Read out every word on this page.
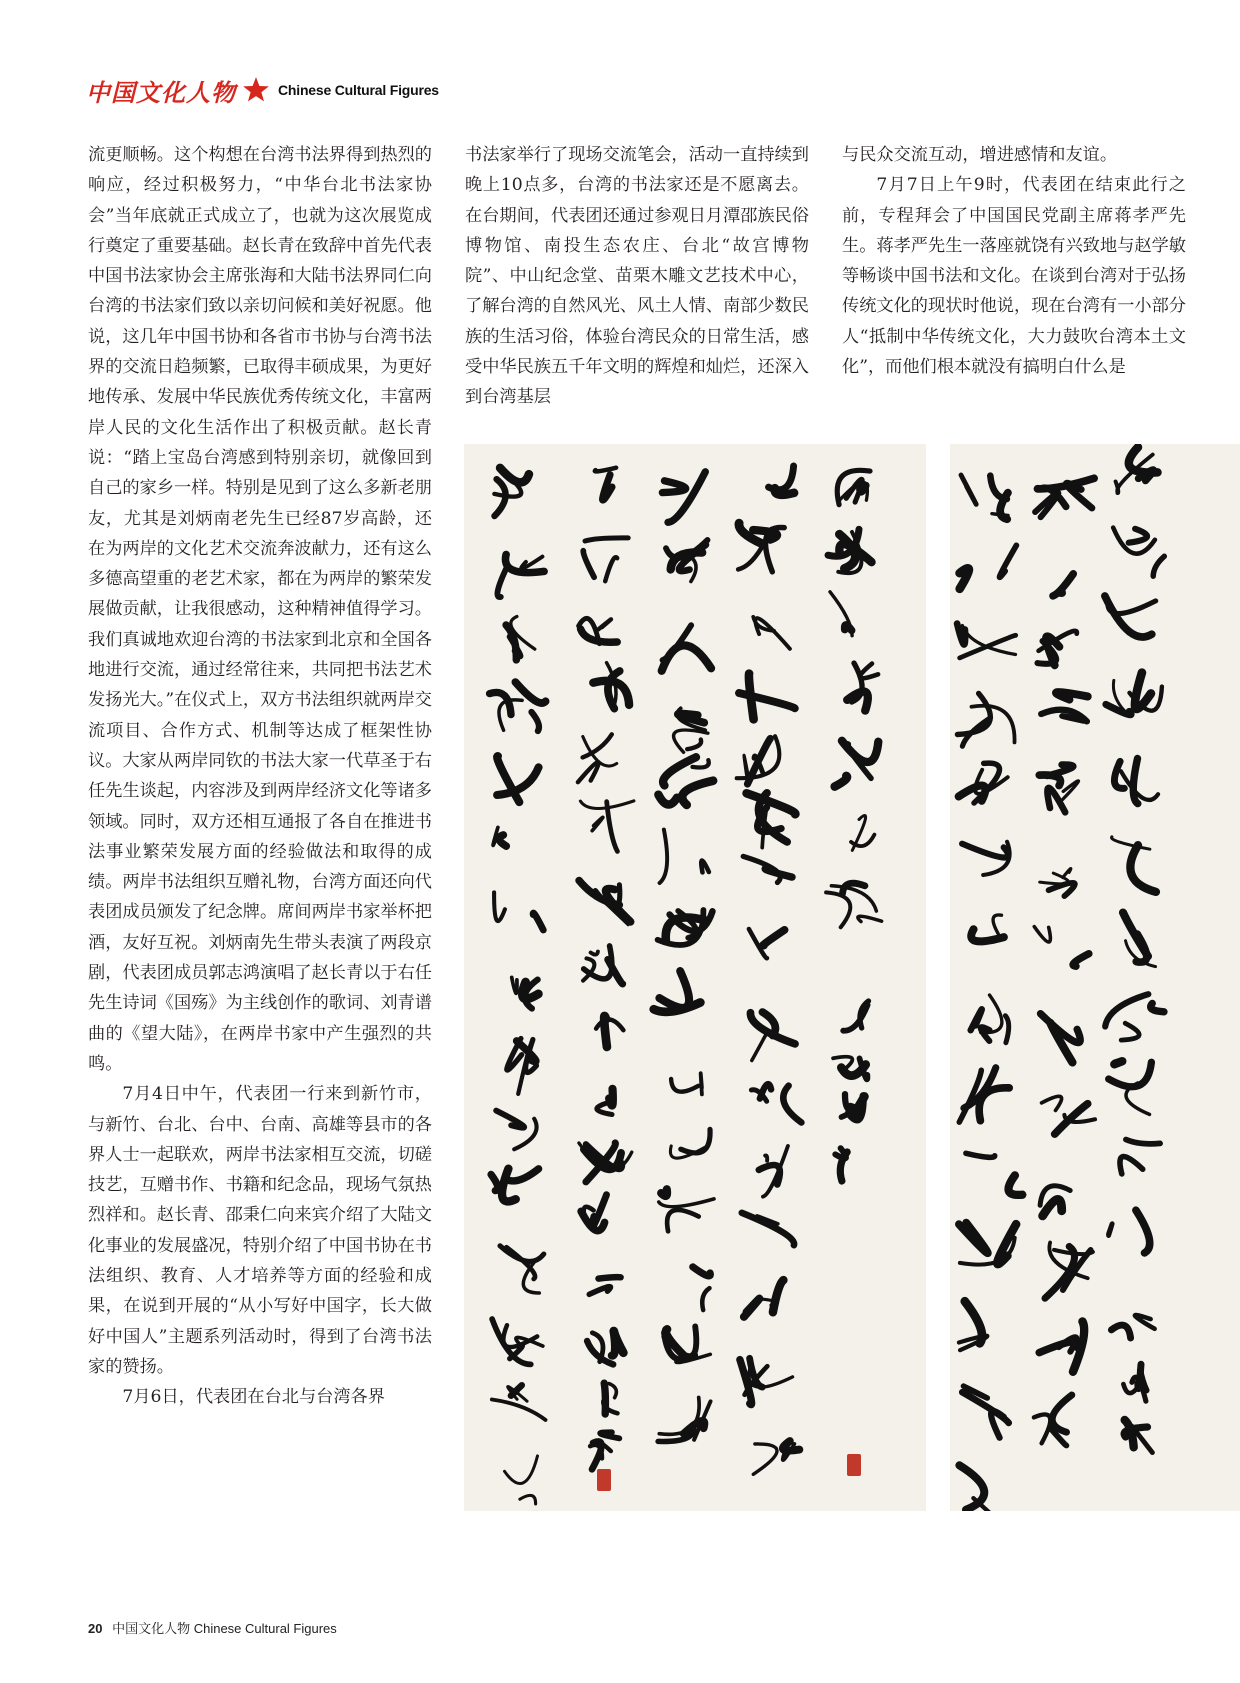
中国文化人物	Chinese Cultural Figures

流更顺畅。这个构想在台湾书法界得到热烈的响应，经过积极努力，“中华台北书法家协会”当年底就正式成立了，也就为这次展览成行奠定了重要基础。赵长青在致辞中首先代表中国书法家协会主席张海和大陆书法界同仁向台湾的书法家们致以亲切问候和美好祝愿。他说，这几年中国书协和各省市书协与台湾书法界的交流日趋频繁，已取得丰硕成果，为更好地传承、发展中华民族优秀传统文化，丰富两岸人民的文化生活作出了积极贡献。赵长青说：“踏上宝岛台湾感到特别亲切，就像回到自己的家乡一样。特别是见到了这么多新老朋友，尤其是刘炳南老先生已经87岁高龄，还在为两岸的文化艺术交流奔波献力，还有这么多德高望重的老艺术家，都在为两岸的繁荣发展做贡献，让我很感动，这种精神值得学习。我们真诚地欢迎台湾的书法家到北京和全国各地进行交流，通过经常往来，共同把书法艺术发扬光大。”在仪式上，双方书法组织就两岸交流项目、合作方式、机制等达成了框架性协议。大家从两岸同钦的书法大家一代草圣于右任先生谈起，内容涉及到两岸经济文化等诸多领域。同时，双方还相互通报了各自在推进书法事业繁荣发展方面的经验做法和取得的成绩。两岸书法组织互赠礼物，台湾方面还向代表团成员颁发了纪念牌。席间两岸书家举杯把酒，友好互祝。刘炳南先生带头表演了两段京剧，代表团成员郭志鸿演唱了赵长青以于右任先生诗词《国殇》为主线创作的歌词、刘青谱曲的《望大陆》，在两岸书家中产生强烈的共鸣。

7月4日中午，代表团一行来到新竹市，与新竹、台北、台中、台南、高雄等县市的各界人士一起联欢，两岸书法家相互交流，切磋技艺，互赠书作、书籍和纪念品，现场气氛热烈祥和。赵长青、邵秉仁向来宾介绍了大陆文化事业的发展盛况，特别介绍了中国书协在书法组织、教育、人才培养等方面的经验和成果，在说到开展的“从小写好中国字，长大做好中国人”主题系列活动时，得到了台湾书法家的赞扬。

7月6日，代表团在台北与台湾各界

书法家举行了现场交流笔会，活动一直持续到晚上10点多，台湾的书法家还是不愿离去。在台期间，代表团还通过参观日月潭邵族民俗博物馆、南投生态农庄、台北“故宫博物院”、中山纪念堂、苗栗木雕文艺技术中心，了解台湾的自然风光、风土人情、南部少数民族的生活习俗，体验台湾民众的日常生活，感受中华民族五千年文明的辉煌和灿烂，还深入到台湾基层

与民众交流互动，增进感情和友谊。

7月7日上午9时，代表团在结束此行之前，专程拜会了中国国民党副主席蒋孝严先生。蒋孝严先生一落座就饶有兴致地与赵学敏等畅谈中国书法和文化。在谈到台湾对于弘扬传统文化的现状时他说，现在台湾有一小部分人“抵制中华传统文化，大力鼓吹台湾本土文化”，而他们根本就没有搞明白什么是

20 中国文化人物 Chinese Cultural Figures
